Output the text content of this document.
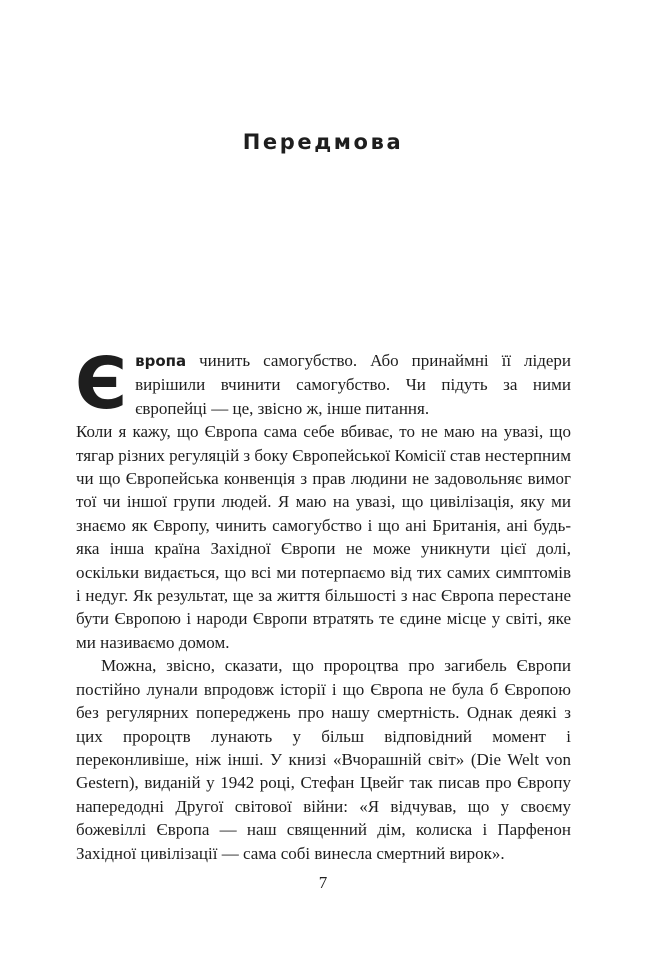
Передмова

Європа чинить самогубство. Або принаймні її лідери вирішили вчинити самогубство. Чи підуть за ними європейці — це, звісно ж, інше питання.

Коли я кажу, що Європа сама себе вбиває, то не маю на увазі, що тягар різних регуляцій з боку Європейської Комісії став нестерпним чи що Європейська конвенція з прав людини не задовольняє вимог тої чи іншої групи людей. Я маю на увазі, що цивілізація, яку ми знаємо як Європу, чинить самогубство і що ані Британія, ані будь-яка інша країна Західної Європи не може уникнути цієї долі, оскільки видається, що всі ми потерпаємо від тих самих симптомів і недуг. Як результат, ще за життя більшості з нас Європа перестане бути Європою і народи Європи втратять те єдине місце у світі, яке ми називаємо домом.

Можна, звісно, сказати, що пророцтва про загибель Європи постійно лунали впродовж історії і що Європа не була б Європою без регулярних попереджень про нашу смертність. Однак деякі з цих пророцтв лунають у більш відповідний момент і переконливіше, ніж інші. У книзі «Вчорашній світ» (Die Welt von Gestern), виданій у 1942 році, Стефан Цвейг так писав про Європу напередодні Другої світової війни: «Я відчував, що у своєму божевіллі Європа — наш священний дім, колиска і Парфенон Західної цивілізації — сама собі винесла смертний вирок».

7
